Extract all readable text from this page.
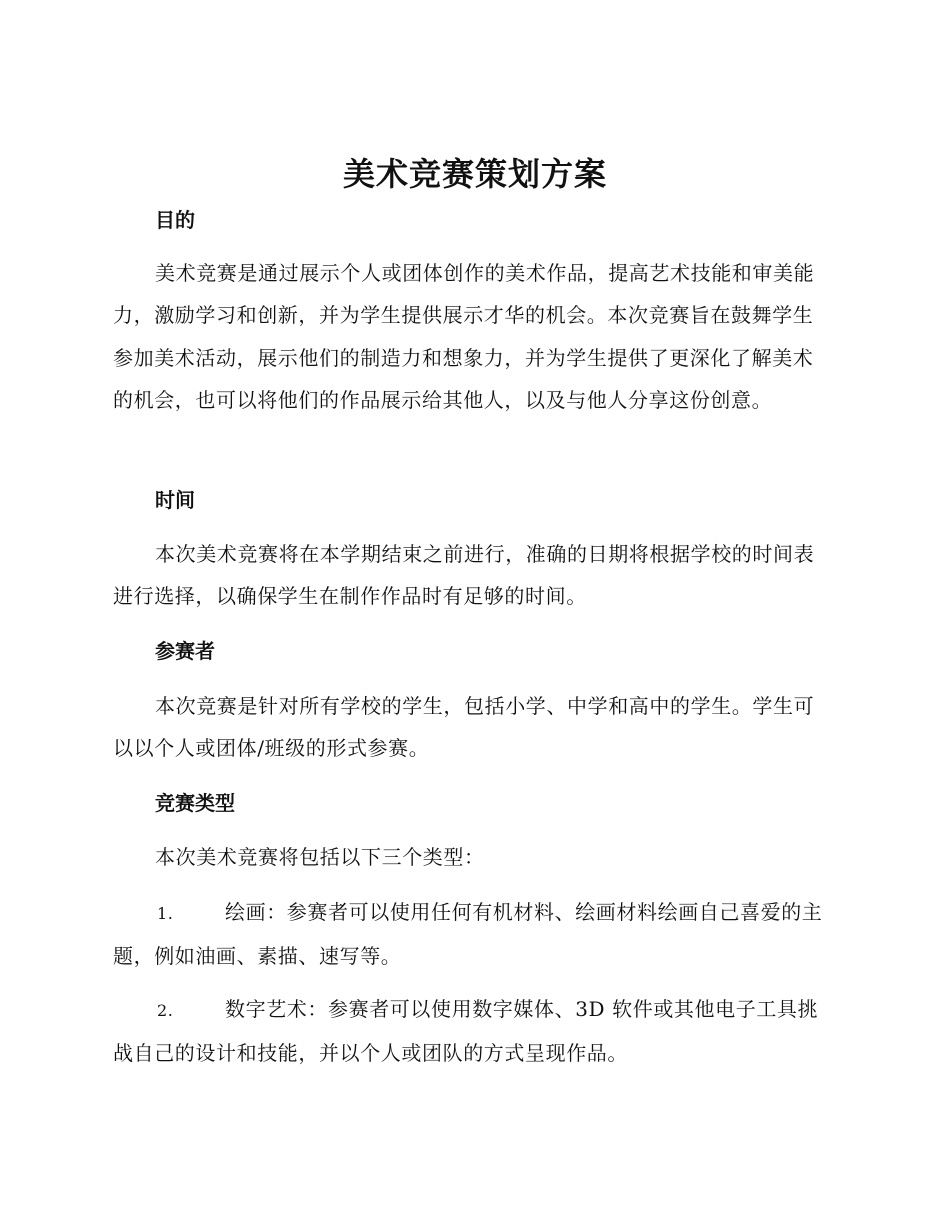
美术竞赛策划方案
目的

美术竞赛是通过展示个人或团体创作的美术作品，提高艺术技能和审美能力，激励学习和创新，并为学生提供展示才华的机会。本次竞赛旨在鼓舞学生参加美术活动，展示他们的制造力和想象力，并为学生提供了更深化了解美术的机会，也可以将他们的作品展示给其他人，以及与他人分享这份创意。

时间

本次美术竞赛将在本学期结束之前进行，准确的日期将根据学校的时间表进行选择，以确保学生在制作作品时有足够的时间。

参赛者

本次竞赛是针对所有学校的学生，包括小学、中学和高中的学生。学生可以以个人或团体/班级的形式参赛。

竞赛类型

本次美术竞赛将包括以下三个类型：

1.	绘画：参赛者可以使用任何有机材料、绘画材料绘画自己喜爱的主题，例如油画、素描、速写等。

2.	数字艺术：参赛者可以使用数字媒体、3D 软件或其他电子工具挑战自己的设计和技能，并以个人或团队的方式呈现作品。
